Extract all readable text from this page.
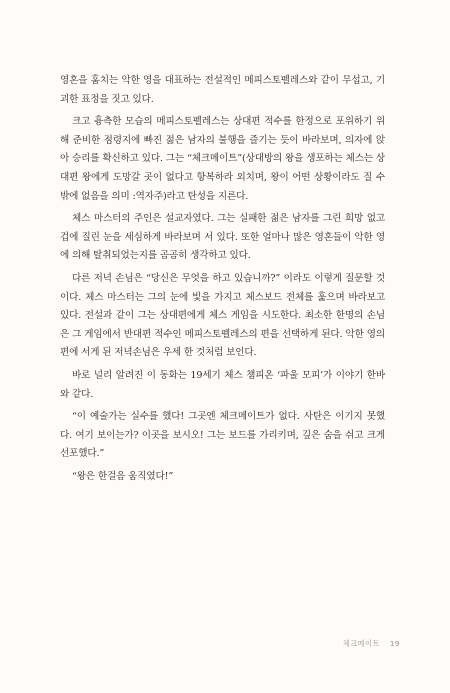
영혼을 훔치는 악한 영을 대표하는 전설적인 메피스토펠레스와 같이 무섭고, 기괴한 표정을 짓고 있다.

크고 흉측한 모습의 메피스토펠레스는 상대편 적수를 한정으로 포위하기 위해 준비한 점령지에 빠진 젊은 남자의 불행을 즐기는 듯이 바라보며, 의자에 앉아 승리를 확신하고 있다. 그는 “체크메이트”(상대방의 왕을 생포하는 체스는 상대편 왕에게 도망갈 곳이 없다고 항복하라 외치며, 왕이 어떤 상황이라도 질 수 밖에 없음을 의미 :역자주)라고 탄성을 지른다.

체스 마스터의 주인은 설교자였다. 그는 실패한 젊은 남자를 그린 희망 없고 겁에 질린 눈을 세심하게 바라보며 서 있다. 또한 얼마나 많은 영혼들이 악한 영에 의해 탈취되었는지를 곰곰히 생각하고 있다.

다른 저녁 손님은 “당신은 무엇을 하고 있습니까?” 이라도 이렇게 질문할 것이다. 체스 마스터는 그의 눈에 빛을 가지고 체스보드 전체를 훑으며 바라보고 있다. 전설과 같이 그는 상대편에게 체스 게임을 시도한다. 최소한 한명의 손님은 그 게임에서 반대편 적수인 메피스토펠레스의 편을 선택하게 된다. 악한 영의 편에 서게 된 저녁손님은 우세 한 것처럼 보인다.

바로 널리 알려진 이 동화는 19세기 체스 챔피온 ‘파울 모피’가 이야기 한바와 같다.

“이 예술가는 실수를 했다! 그곳엔 체크메이트가 없다. 사탄은 이기지 못했다. 여기 보이는가? 이곳을 보시오! 그는 보드를 가리키며, 깊은 숨을 쉬고 크게 선포했다.”

“왕은 한걸음 움직였다!”

체크메이트 19
